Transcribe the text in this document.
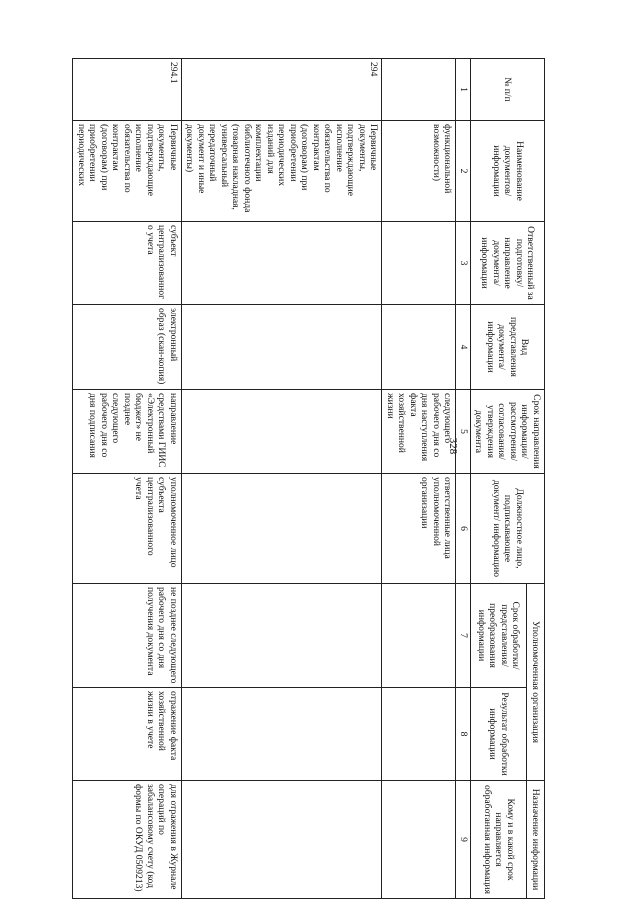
328
№ п/п	Наименование документов/ информации	Ответственный за подготовку/ направление документа/ информации	Вид представления документа/ информации	Срок направления информации/ рассмотрения/ согласования/ утверждения документа	Должностное лицо, подписывающее документ/ информацию	Уполномоченная организация		Назначение информации
						Срок обработки/ представления/ преобразования информации	Результат обработки информации	Кому и в какой срок направляется обработанная информация
1	2	3	4	5	6	7	8	9
	функциональной возможности)			следующего рабочего дня со дня наступления факта хозяйственной жизни	ответственные лица уполномоченной организации			
294	Первичные документы, подтверждающие исполнение обязательства по контрактам (договорам) при приобретении периодических изданий для комплектации библиотечного фонда (товарная накладная, универсальный передаточный документ и иные документы)							
294.1	Первичные документы, подтверждающие исполнение обязательства по контрактам (договорам) при приобретении периодических	субъект централизованного учета	электронный образ (скан-копия)	направление средствами ГИИС «Электронный бюджет» не позднее следующего рабочего дня со дня подписания	уполномоченное лицо субъекта централизованного учета	не позднее следующего рабочего дня со дня получения документа	отражение факта хозяйственной жизни в учете	для отражения в Журнале операций по забалансовому счету (код формы по ОКУД 0509213)
